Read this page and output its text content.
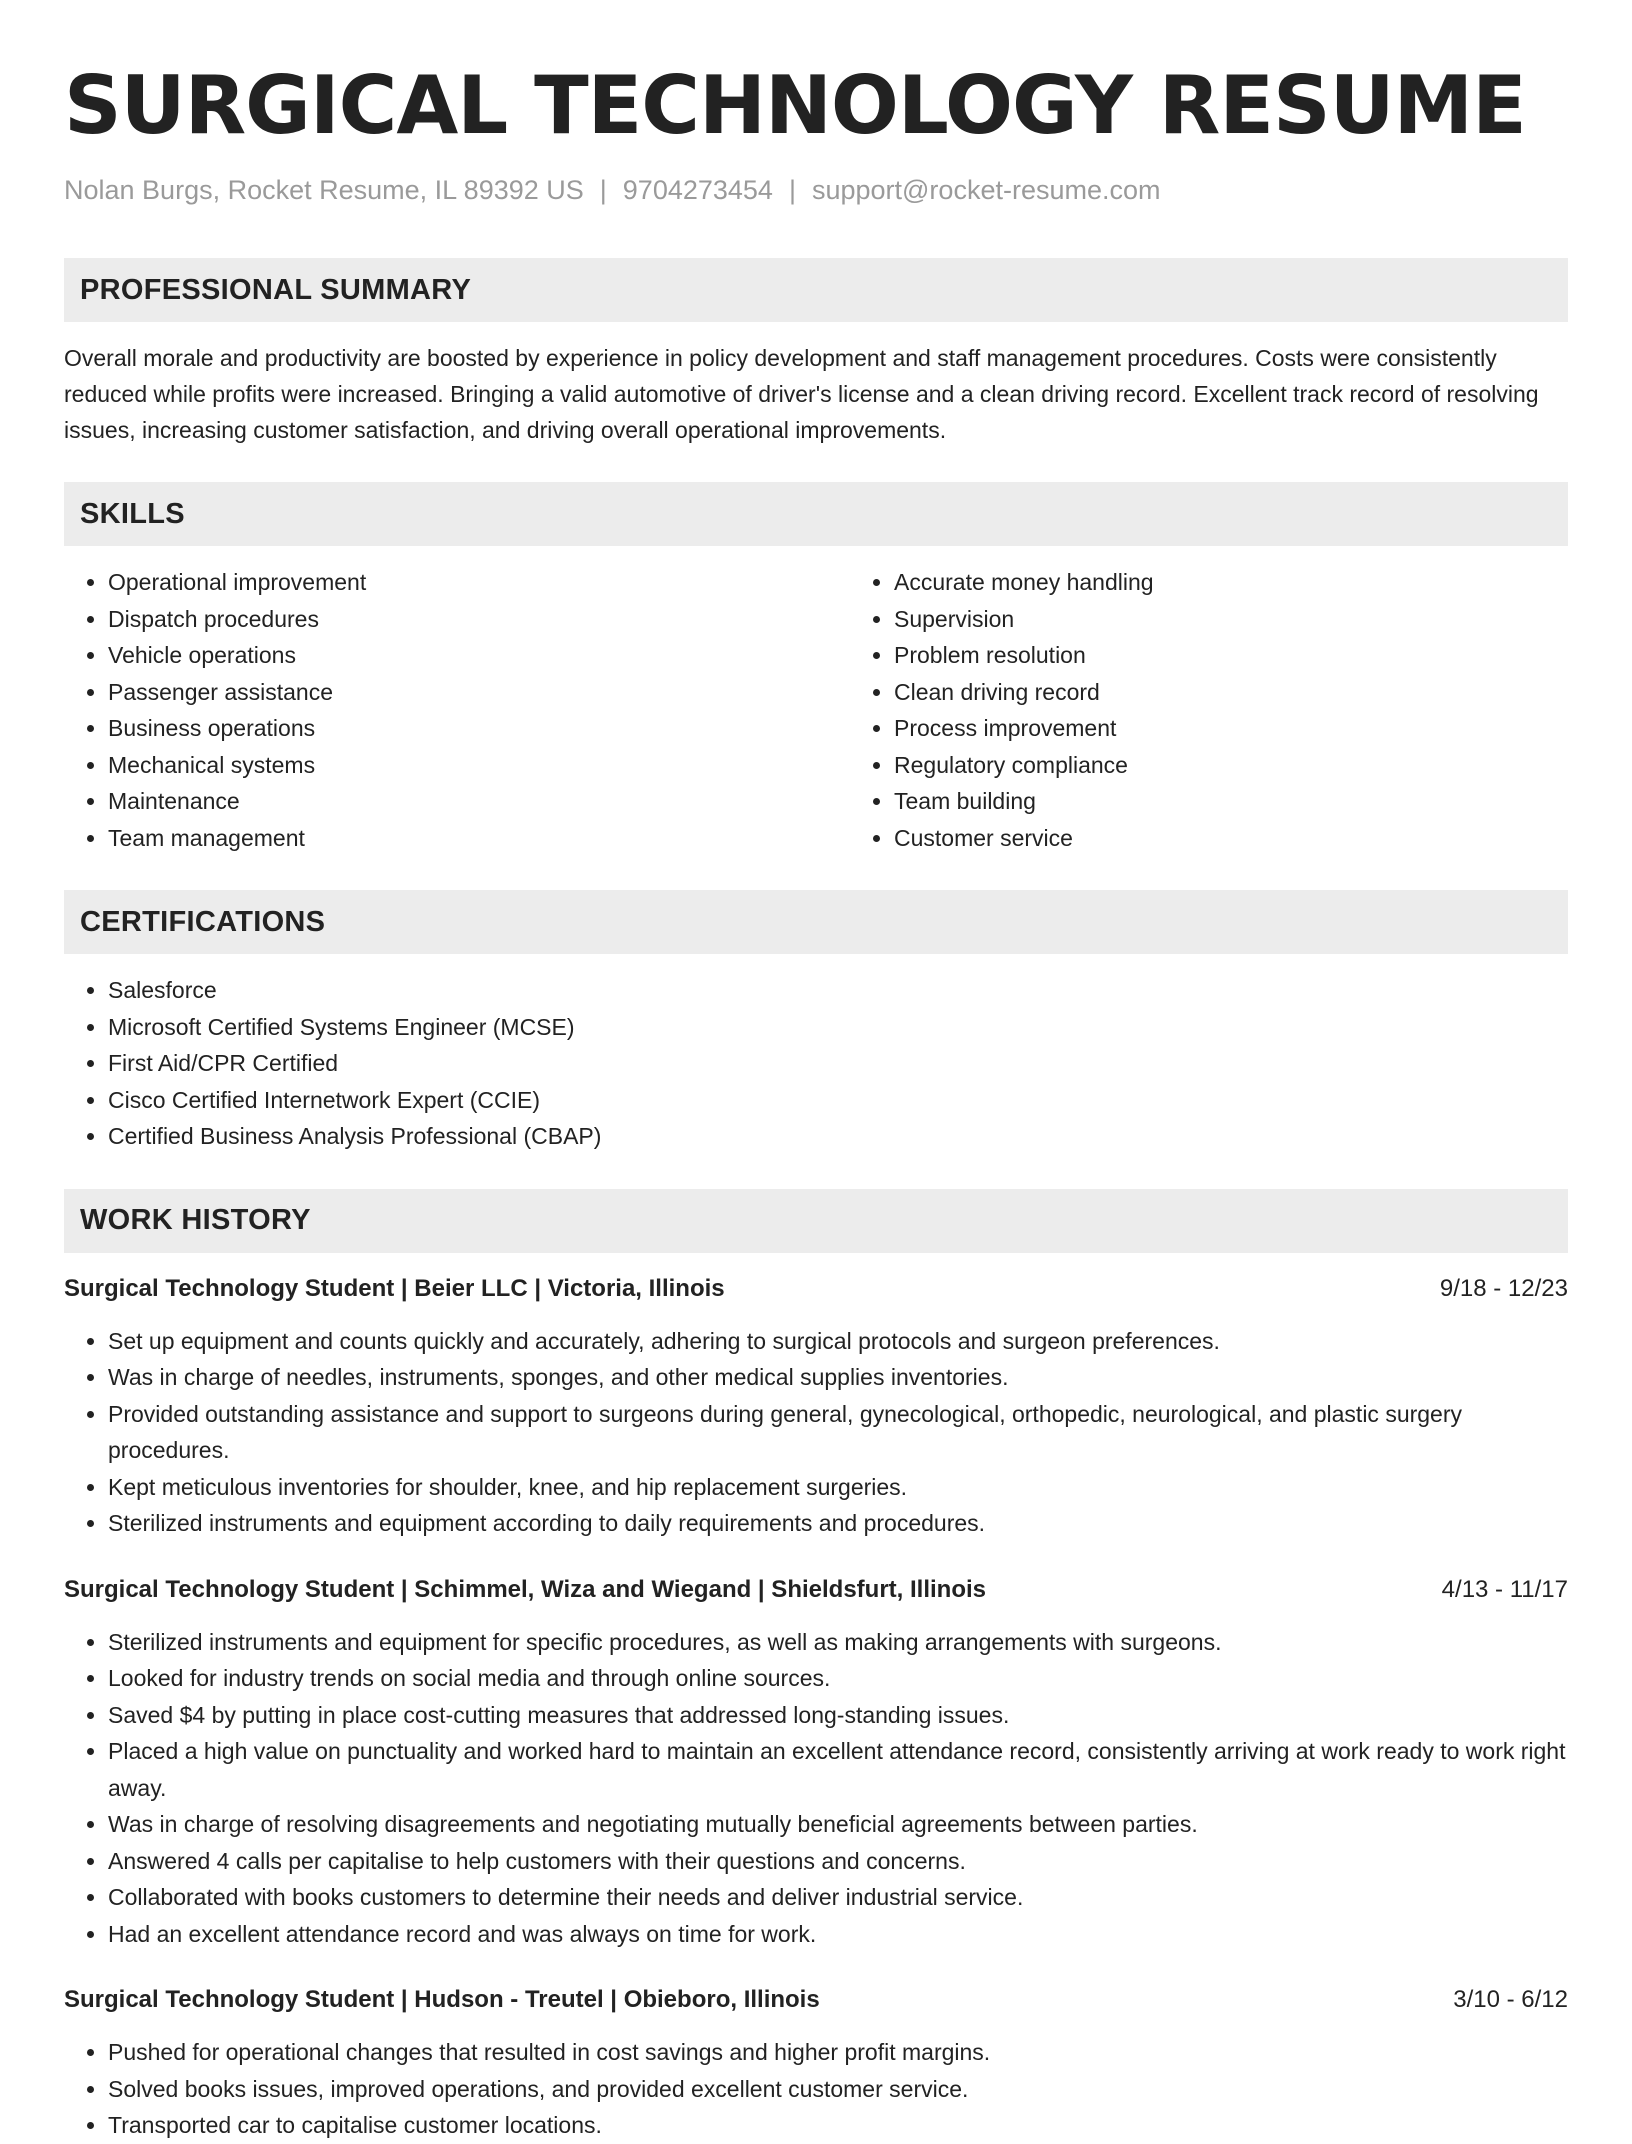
SURGICAL TECHNOLOGY RESUME
Nolan Burgs, Rocket Resume, IL 89392 US | 9704273454 | support@rocket-resume.com
PROFESSIONAL SUMMARY

Overall morale and productivity are boosted by experience in policy development and staff management procedures. Costs were consistently reduced while profits were increased. Bringing a valid automotive of driver's license and a clean driving record. Excellent track record of resolving issues, increasing customer satisfaction, and driving overall operational improvements.

SKILLS
• Operational improvement
• Dispatch procedures
• Vehicle operations
• Passenger assistance
• Business operations
• Mechanical systems
• Maintenance
• Team management
• Accurate money handling
• Supervision
• Problem resolution
• Clean driving record
• Process improvement
• Regulatory compliance
• Team building
• Customer service
CERTIFICATIONS
• Salesforce
• Microsoft Certified Systems Engineer (MCSE)
• First Aid/CPR Certified
• Cisco Certified Internetwork Expert (CCIE)
• Certified Business Analysis Professional (CBAP)
WORK HISTORY
Surgical Technology Student | Beier LLC | Victoria, Illinois	9/18 - 12/23
• Set up equipment and counts quickly and accurately, adhering to surgical protocols and surgeon preferences.
• Was in charge of needles, instruments, sponges, and other medical supplies inventories.
• Provided outstanding assistance and support to surgeons during general, gynecological, orthopedic, neurological, and plastic surgery procedures.
• Kept meticulous inventories for shoulder, knee, and hip replacement surgeries.
• Sterilized instruments and equipment according to daily requirements and procedures.
Surgical Technology Student | Schimmel, Wiza and Wiegand | Shieldsfurt, Illinois	4/13 - 11/17
• Sterilized instruments and equipment for specific procedures, as well as making arrangements with surgeons.
• Looked for industry trends on social media and through online sources.
• Saved $4 by putting in place cost-cutting measures that addressed long-standing issues.
• Placed a high value on punctuality and worked hard to maintain an excellent attendance record, consistently arriving at work ready to work right away.
• Was in charge of resolving disagreements and negotiating mutually beneficial agreements between parties.
• Answered 4 calls per capitalise to help customers with their questions and concerns.
• Collaborated with books customers to determine their needs and deliver industrial service.
• Had an excellent attendance record and was always on time for work.
Surgical Technology Student | Hudson - Treutel | Obieboro, Illinois	3/10 - 6/12
• Pushed for operational changes that resulted in cost savings and higher profit margins.
• Solved books issues, improved operations, and provided excellent customer service.
• Transported car to capitalise customer locations.
